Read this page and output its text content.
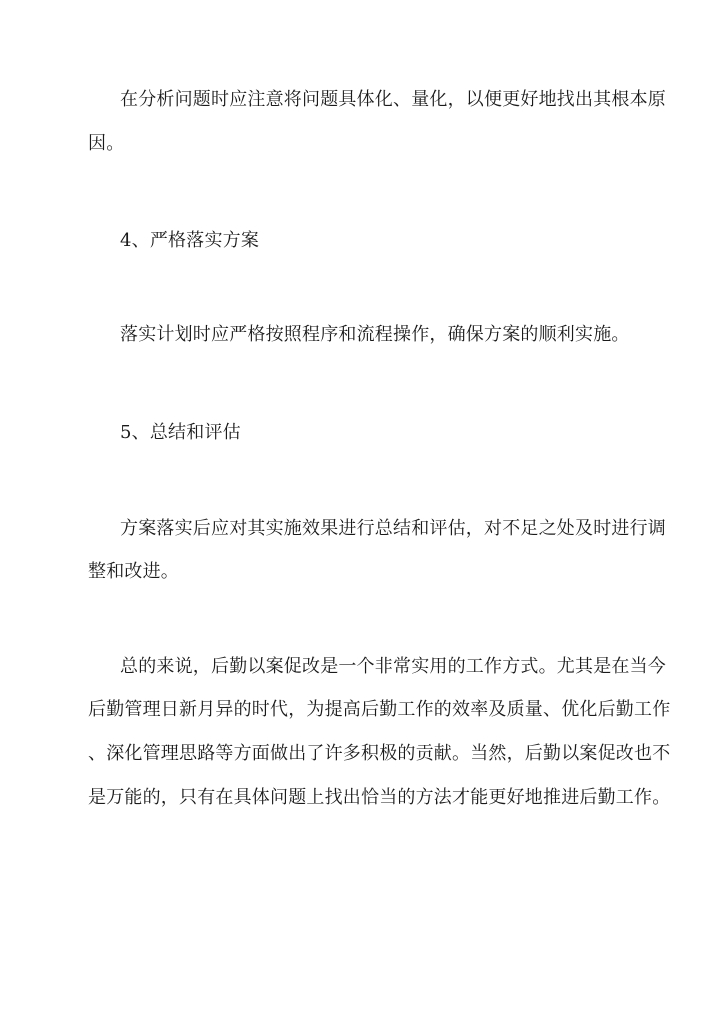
在分析问题时应注意将问题具体化、量化，以便更好地找出其根本原
因。
4、严格落实方案
落实计划时应严格按照程序和流程操作，确保方案的顺利实施。
5、总结和评估
方案落实后应对其实施效果进行总结和评估，对不足之处及时进行调
整和改进。
总的来说，后勤以案促改是一个非常实用的工作方式。尤其是在当今
后勤管理日新月异的时代，为提高后勤工作的效率及质量、优化后勤工作
、深化管理思路等方面做出了许多积极的贡献。当然，后勤以案促改也不
是万能的，只有在具体问题上找出恰当的方法才能更好地推进后勤工作。
